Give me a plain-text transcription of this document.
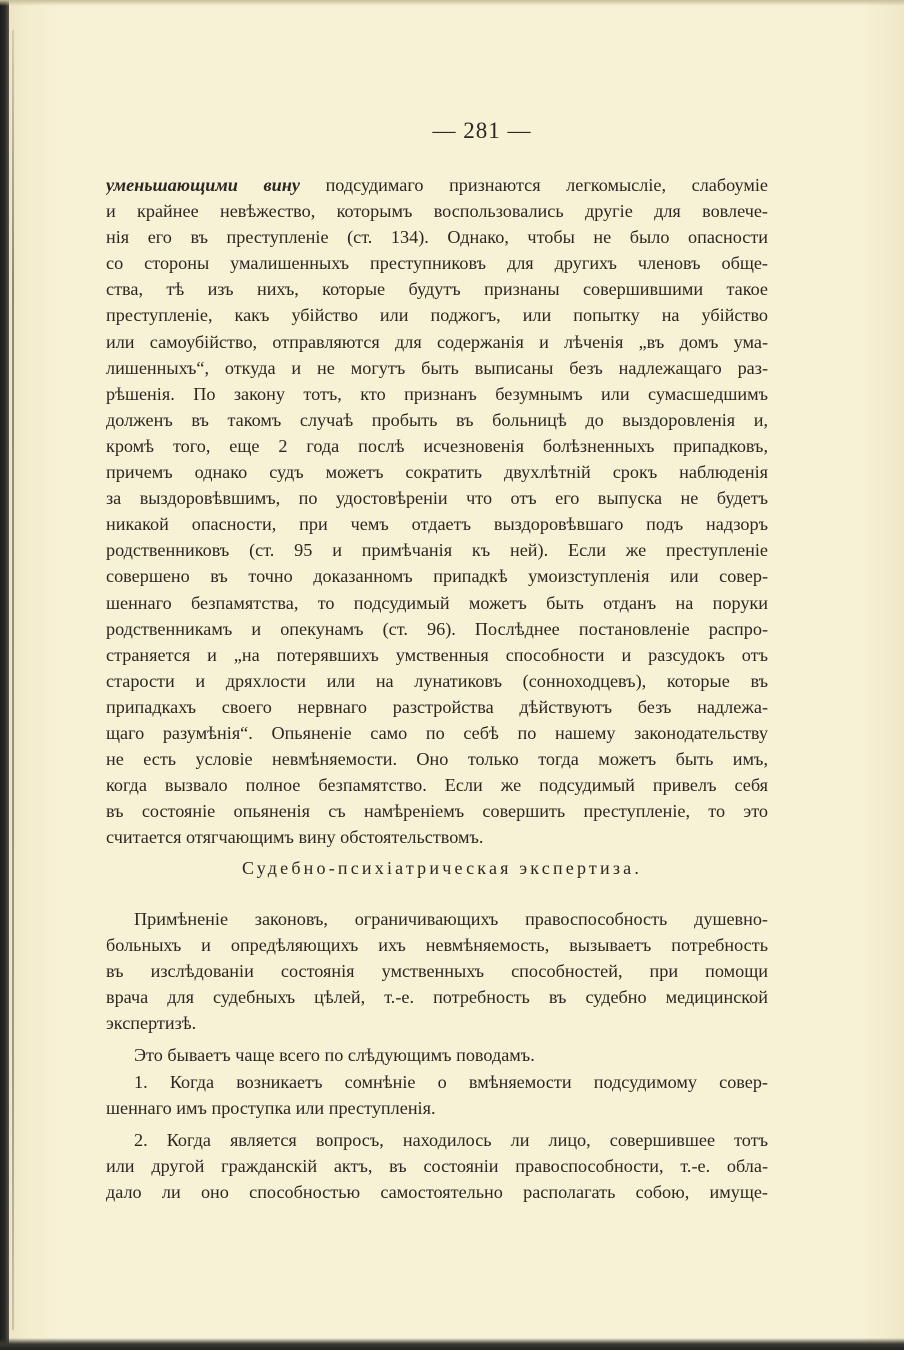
— 281 —
уменьшающими вину подсудимаго признаются легкомысліе, слабоуміе
и крайнее невѣжество, которымъ воспользовались другіе для вовлече-
нія его въ преступленіе (ст. 134). Однако, чтобы не было опасности
со стороны умалишенныхъ преступниковъ для другихъ членовъ обще-
ства, тѣ изъ нихъ, которые будутъ признаны совершившими такое
преступленіе, какъ убійство или поджогъ, или попытку на убійство
или самоубійство, отправляются для содержанія и лѣченія „въ домъ ума-
лишенныхъ“, откуда и не могутъ быть выписаны безъ надлежащаго раз-
рѣшенія. По закону тотъ, кто признанъ безумнымъ или сумасшедшимъ
долженъ въ такомъ случаѣ пробыть въ больницѣ до выздоровленія и,
кромѣ того, еще 2 года послѣ исчезновенія болѣзненныхъ припадковъ,
причемъ однако судъ можетъ сократить двухлѣтній срокъ наблюденія
за выздоровѣвшимъ, по удостовѣреніи что отъ его выпуска не будетъ
никакой опасности, при чемъ отдаетъ выздоровѣвшаго подъ надзоръ
родственниковъ (ст. 95 и примѣчанія къ ней). Если же преступленіе
совершено въ точно доказанномъ припадкѣ умоизступленія или совер-
шеннаго безпамятства, то подсудимый можетъ быть отданъ на поруки
родственникамъ и опекунамъ (ст. 96). Послѣднее постановленіе распро-
страняется и „на потерявшихъ умственныя способности и разсудокъ отъ
старости и дряхлости или на лунатиковъ (сонноходцевъ), которые въ
припадкахъ своего нервнаго разстройства дѣйствуютъ безъ надлежа-
щаго разумѣнія“. Опьяненіе само по себѣ по нашему законодательству
не есть условіе невмѣняемости. Оно только тогда можетъ быть имъ,
когда вызвало полное безпамятство. Если же подсудимый привелъ себя
въ состояніе опьяненія съ намѣреніемъ совершить преступленіе, то это
считается отягчающимъ вину обстоятельствомъ.
Судебно-психіатрическая экспертиза.
Примѣненіе законовъ, ограничивающихъ правоспособность душевно-
больныхъ и опредѣляющихъ ихъ невмѣняемость, вызываетъ потребность
въ изслѣдованіи состоянія умственныхъ способностей, при помощи
врача для судебныхъ цѣлей, т.-е. потребность въ судебно медицинской
экспертизѣ.
Это бываетъ чаще всего по слѣдующимъ поводамъ.
1. Когда возникаетъ сомнѣніе о вмѣняемости подсудимому совер-
шеннаго имъ проступка или преступленія.
2. Когда является вопросъ, находилось ли лицо, совершившее тотъ
или другой гражданскій актъ, въ состояніи правоспособности, т.-е. обла-
дало ли оно способностью самостоятельно располагать собою, имуще-
